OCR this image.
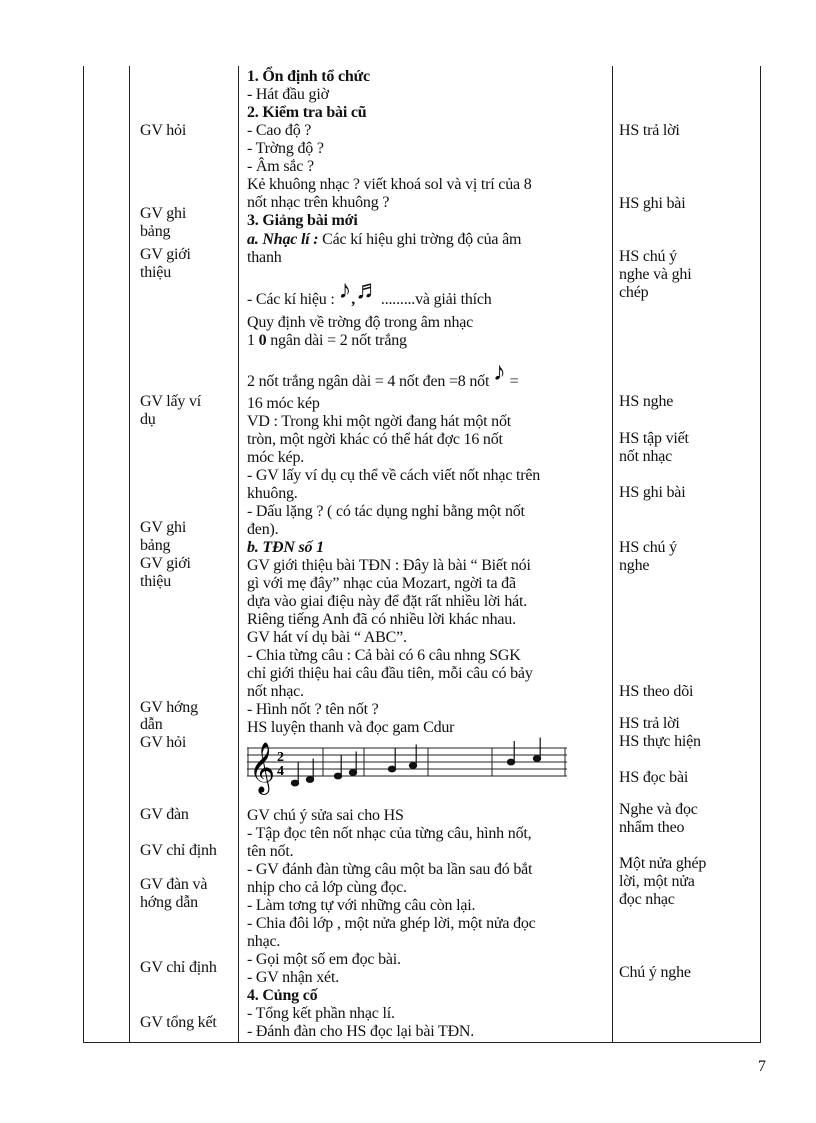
GV hỏi
GV ghi
bảng
GV giới
thiệu
GV lấy ví
dụ
GV ghi
bảng
GV giới
thiệu
GV hớng
dẫn
GV hỏi
GV đàn
GV chỉ định
GV đàn và
hớng dẫn
GV chỉ định
GV tổng kết
1. Ổn định tổ chức
- Hát đầu giờ
2. Kiểm tra bài cũ
- Cao độ ?
- Trờng độ ?
- Âm sắc ?
Kẻ khuông nhạc ? viết khoá sol và vị trí của 8
nốt nhạc trên khuông ?
3. Giảng bài mới
a. Nhạc lí : Các kí hiệu ghi trờng độ của âm
thanh
- Các kí hiệu : ♪,♬.........và giải thích
Quy định về trờng độ trong âm nhạc
1 0 ngân dài = 2 nốt trắng
2 nốt trắng ngân dài = 4 nốt đen =8 nốt ♪ =
16 móc kép
VD : Trong khi một ngời đang hát một nốt
tròn, một ngời khác có thể hát đợc 16 nốt
móc kép.
- GV lấy ví dụ cụ thể về cách viết nốt nhạc trên
khuông.
- Dấu lặng ? ( có tác dụng nghỉ bằng một nốt
đen).
b. TĐN số 1
GV giới thiệu bài TĐN : Đây là bài “ Biết nói
gì với mẹ đây” nhạc của Mozart, ngời ta đã
dựa vào giai điệu này để đặt rất nhiều lời hát.
Riêng tiếng Anh đã có nhiều lời khác nhau.
GV hát ví dụ bài “ ABC”.
- Chia từng câu : Cả bài có 6 câu nhng SGK
chỉ giới thiệu hai câu đầu tiên, mỗi câu có bảy
nốt nhạc.
- Hình nốt ? tên nốt ?
HS luyện thanh và đọc gam Cdur
𝄞 2
4
GV chú ý sửa sai cho HS
- Tập đọc tên nốt nhạc của từng câu, hình nốt,
tên nốt.
- GV đánh đàn từng câu một ba lần sau đó bắt
nhịp cho cả lớp cùng đọc.
- Làm tơng tự với những câu còn lại.
- Chia đôi lớp , một nửa ghép lời, một nửa đọc
nhạc.
- Gọi một số em đọc bài.
- GV nhận xét.
4. Củng cố
- Tổng kết phần nhạc lí.
- Đánh đàn cho HS đọc lại bài TĐN.
HS trả lời
HS ghi bài
HS chú ý
nghe và ghi
chép
HS nghe
HS tập viết
nốt nhạc
HS ghi bài
HS chú ý
nghe
HS theo dõi
HS trả lời
HS thực hiện
HS đọc bài
Nghe và đọc
nhẩm theo
Một nửa ghép
lời, một nửa
đọc nhạc
Chú ý nghe
7
